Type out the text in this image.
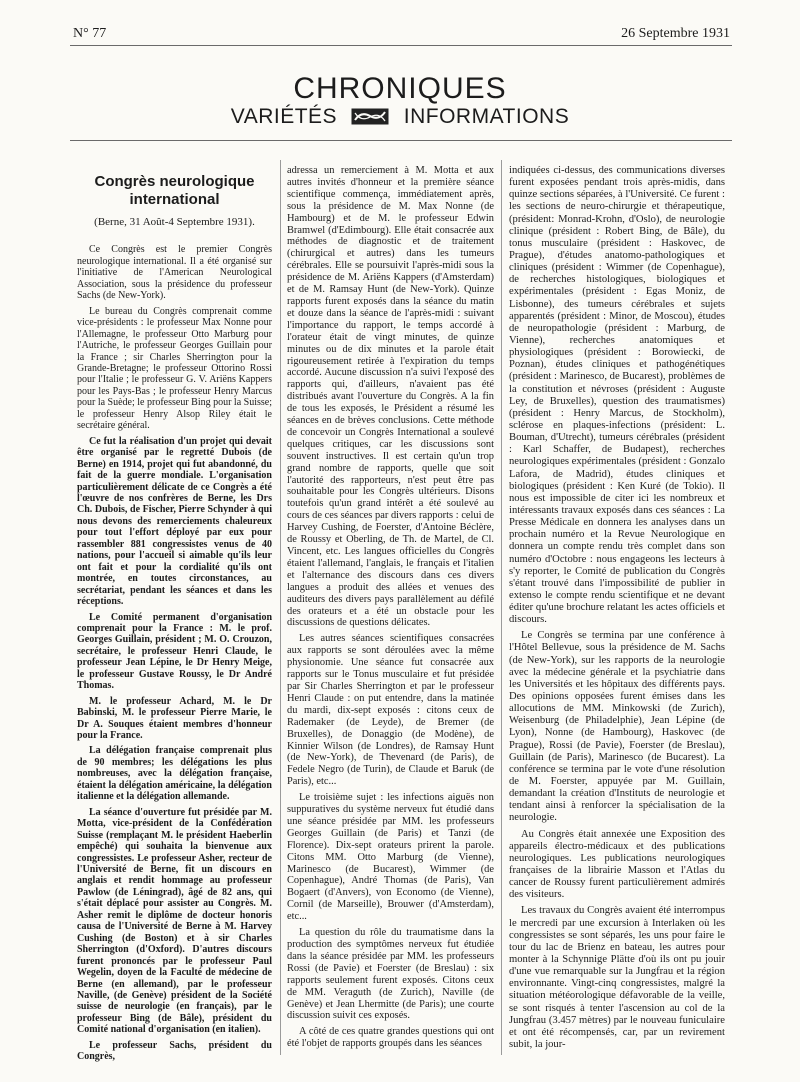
N° 77	26 Septembre 1931
CHRONIQUES
VARIÉTÉS	INFORMATIONS
Congrès neurologique
international
(Berne, 31 Août-4 Septembre 1931).

Ce Congrès est le premier Congrès neurologique international. Il a été organisé sur l'initiative de l'American Neurological Association, sous la présidence du professeur Sachs (de New-York).

Le bureau du Congrès comprenait comme vice-présidents : le professeur Max Nonne pour l'Allemagne, le professeur Otto Marburg pour l'Autriche, le professeur Georges Guillain pour la France ; sir Charles Sherrington pour la Grande-Bretagne; le professeur Ottorino Rossi pour l'Italie ; le professeur G. V. Ariëns Kappers pour les Pays-Bas ; le professeur Henry Marcus pour la Suède; le professeur Bing pour la Suisse; le professeur Henry Alsop Riley était le secrétaire général.

Ce fut la réalisation d'un projet qui devait être organisé par le regretté Dubois (de Berne) en 1914, projet qui fut abandonné, du fait de la guerre mondiale. L'organisation particulièrement délicate de ce Congrès a été l'œuvre de nos confrères de Berne, les Drs Ch. Dubois, de Fischer, Pierre Schynder à qui nous devons des remerciements chaleureux pour tout l'effort déployé par eux pour rassembler 881 congressistes venus de 40 nations, pour l'accueil si aimable qu'ils leur ont fait et pour la cordialité qu'ils ont montrée, en toutes circonstances, au secrétariat, pendant les séances et dans les réceptions.

Le Comité permanent d'organisation comprenait pour la France : M. le prof. Georges Guillain, président ; M. O. Crouzon, secrétaire, le professeur Henri Claude, le professeur Jean Lépine, le Dr Henry Meige, le professeur Gustave Roussy, le Dr André Thomas.

M. le professeur Achard, M. le Dr Babinski, M. le professeur Pierre Marie, le Dr A. Souques étaient membres d'honneur pour la France.

La délégation française comprenait plus de 90 membres; les délégations les plus nombreuses, avec la délégation française, étaient la délégation américaine, la délégation italienne et la délégation allemande.

La séance d'ouverture fut présidée par M. Motta, vice-président de la Confédération Suisse (remplaçant M. le président Haeberlin empêché) qui souhaita la bienvenue aux congressistes. Le professeur Asher, recteur de l'Université de Berne, fit un discours en anglais et rendit hommage au professeur Pawlow (de Léningrad), âgé de 82 ans, qui s'était déplacé pour assister au Congrès. M. Asher remit le diplôme de docteur honoris causa de l'Université de Berne à M. Harvey Cushing (de Boston) et à sir Charles Sherrington (d'Oxford). D'autres discours furent prononcés par le professeur Paul Wegelin, doyen de la Faculté de médecine de Berne (en allemand), par le professeur Naville, (de Genève) président de la Société suisse de neurologie (en français), par le professeur Bing (de Bâle), président du Comité national d'organisation (en italien).

Le professeur Sachs, président du Congrès,

adressa un remerciement à M. Motta et aux autres invités d'honneur et la première séance scientifique commença, immédiatement après, sous la présidence de M. Max Nonne (de Hambourg) et de M. le professeur Edwin Bramwel (d'Edimbourg). Elle était consacrée aux méthodes de diagnostic et de traitement (chirurgical et autres) dans les tumeurs cérébrales. Elle se poursuivit l'après-midi sous la présidence de M. Ariëns Kappers (d'Amsterdam) et de M. Ramsay Hunt (de New-York). Quinze rapports furent exposés dans la séance du matin et douze dans la séance de l'après-midi : suivant l'importance du rapport, le temps accordé à l'orateur était de vingt minutes, de quinze minutes ou de dix minutes et la parole était rigoureusement retirée à l'expiration du temps accordé. Aucune discussion n'a suivi l'exposé des rapports qui, d'ailleurs, n'avaient pas été distribués avant l'ouverture du Congrès. A la fin de tous les exposés, le Président a résumé les séances en de brèves conclusions. Cette méthode de concevoir un Congrès International a soulevé quelques critiques, car les discussions sont souvent instructives. Il est certain qu'un trop grand nombre de rapports, quelle que soit l'autorité des rapporteurs, n'est peut être pas souhaitable pour les Congrès ultérieurs. Disons toutefois qu'un grand intérêt a été soulevé au cours de ces séances par divers rapports : celui de Harvey Cushing, de Foerster, d'Antoine Béclère, de Roussy et Oberling, de Th. de Martel, de Cl. Vincent, etc. Les langues officielles du Congrès étaient l'allemand, l'anglais, le français et l'italien et l'alternance des discours dans ces divers langues a produit des allées et venues des auditeurs des divers pays parallèlement au défilé des orateurs et a été un obstacle pour les discussions de questions délicates.

Les autres séances scientifiques consacrées aux rapports se sont déroulées avec la même physionomie. Une séance fut consacrée aux rapports sur le Tonus musculaire et fut présidée par Sir Charles Sherrington et par le professeur Henri Claude : on put entendre, dans la matinée du mardi, dix-sept exposés : citons ceux de Rademaker (de Leyde), de Bremer (de Bruxelles), de Donaggio (de Modène), de Kinnier Wilson (de Londres), de Ramsay Hunt (de New-York), de Thevenard (de Paris), de Fedele Negro (de Turin), de Claude et Baruk (de Paris), etc...

Le troisième sujet : les infections aiguës non suppuratives du système nerveux fut étudié dans une séance présidée par MM. les professeurs Georges Guillain (de Paris) et Tanzi (de Florence). Dix-sept orateurs prirent la parole. Citons MM. Otto Marburg (de Vienne), Marinesco (de Bucarest), Wimmer (de Copenhague), André Thomas (de Paris), Van Bogaert (d'Anvers), von Economo (de Vienne), Cornil (de Marseille), Brouwer (d'Amsterdam), etc...

La question du rôle du traumatisme dans la production des symptômes nerveux fut étudiée dans la séance présidée par MM. les professeurs Rossi (de Pavie) et Foerster (de Breslau) : six rapports seulement furent exposés. Citons ceux de MM. Veraguth (de Zurich), Naville (de Genève) et Jean Lhermitte (de Paris); une courte discussion suivit ces exposés.

A côté de ces quatre grandes questions qui ont été l'objet de rapports groupés dans les séances

indiquées ci-dessus, des communications diverses furent exposées pendant trois après-midis, dans quinze sections séparées, à l'Université. Ce furent : les sections de neuro-chirurgie et thérapeutique, (président: Monrad-Krohn, d'Oslo), de neurologie clinique (président : Robert Bing, de Bâle), du tonus musculaire (président : Haskovec, de Prague), d'études anatomo-pathologiques et cliniques (président : Wimmer (de Copenhague), de recherches histologiques, biologiques et expérimentales (président : Egas Moniz, de Lisbonne), des tumeurs cérébrales et sujets apparentés (président : Minor, de Moscou), études de neuropathologie (président : Marburg, de Vienne), recherches anatomiques et physiologiques (président : Borowiecki, de Poznan), études cliniques et pathogénétiques (président : Marinesco, de Bucarest), problèmes de la constitution et névroses (président : Auguste Ley, de Bruxelles), question des traumatismes) (président : Henry Marcus, de Stockholm), sclérose en plaques-infections (président: L. Bouman, d'Utrecht), tumeurs cérébrales (président : Karl Schaffer, de Budapest), recherches neurologiques expérimentales (président : Gonzalo Lafora, de Madrid), études cliniques et biologiques (président : Ken Kuré (de Tokio). Il nous est impossible de citer ici les nombreux et intéressants travaux exposés dans ces séances : La Presse Médicale en donnera les analyses dans un prochain numéro et la Revue Neurologique en donnera un compte rendu très complet dans son numéro d'Octobre : nous engageons les lecteurs à s'y reporter, le Comité de publication du Congrès s'étant trouvé dans l'impossibilité de publier in extenso le compte rendu scientifique et ne devant éditer qu'une brochure relatant les actes officiels et discours.

Le Congrès se termina par une conférence à l'Hôtel Bellevue, sous la présidence de M. Sachs (de New-York), sur les rapports de la neurologie avec la médecine générale et la psychiatrie dans les Universités et les hôpitaux des différents pays. Des opinions opposées furent émises dans les allocutions de MM. Minkowski (de Zurich), Weisenburg (de Philadelphie), Jean Lépine (de Lyon), Nonne (de Hambourg), Haskovec (de Prague), Rossi (de Pavie), Foerster (de Breslau), Guillain (de Paris), Marinesco (de Bucarest). La conférence se termina par le vote d'une résolution de M. Foerster, appuyée par M. Guillain, demandant la création d'Instituts de neurologie et tendant ainsi à renforcer la spécialisation de la neurologie.

Au Congrès était annexée une Exposition des appareils électro-médicaux et des publications neurologiques. Les publications neurologiques françaises de la librairie Masson et l'Atlas du cancer de Roussy furent particulièrement admirés des visiteurs.

Les travaux du Congrès avaient été interrompus le mercredi par une excursion à Interlaken où les congressistes se sont séparés, les uns pour faire le tour du lac de Brienz en bateau, les autres pour monter à la Schynnige Plätte d'où ils ont pu jouir d'une vue remarquable sur la Jungfrau et la région environnante. Vingt-cinq congressistes, malgré la situation météorologique défavorable de la veille, se sont risqués à tenter l'ascension au col de la Jungfrau (3.457 mètres) par le nouveau funiculaire et ont été récompensés, car, par un revirement subit, la jour-
